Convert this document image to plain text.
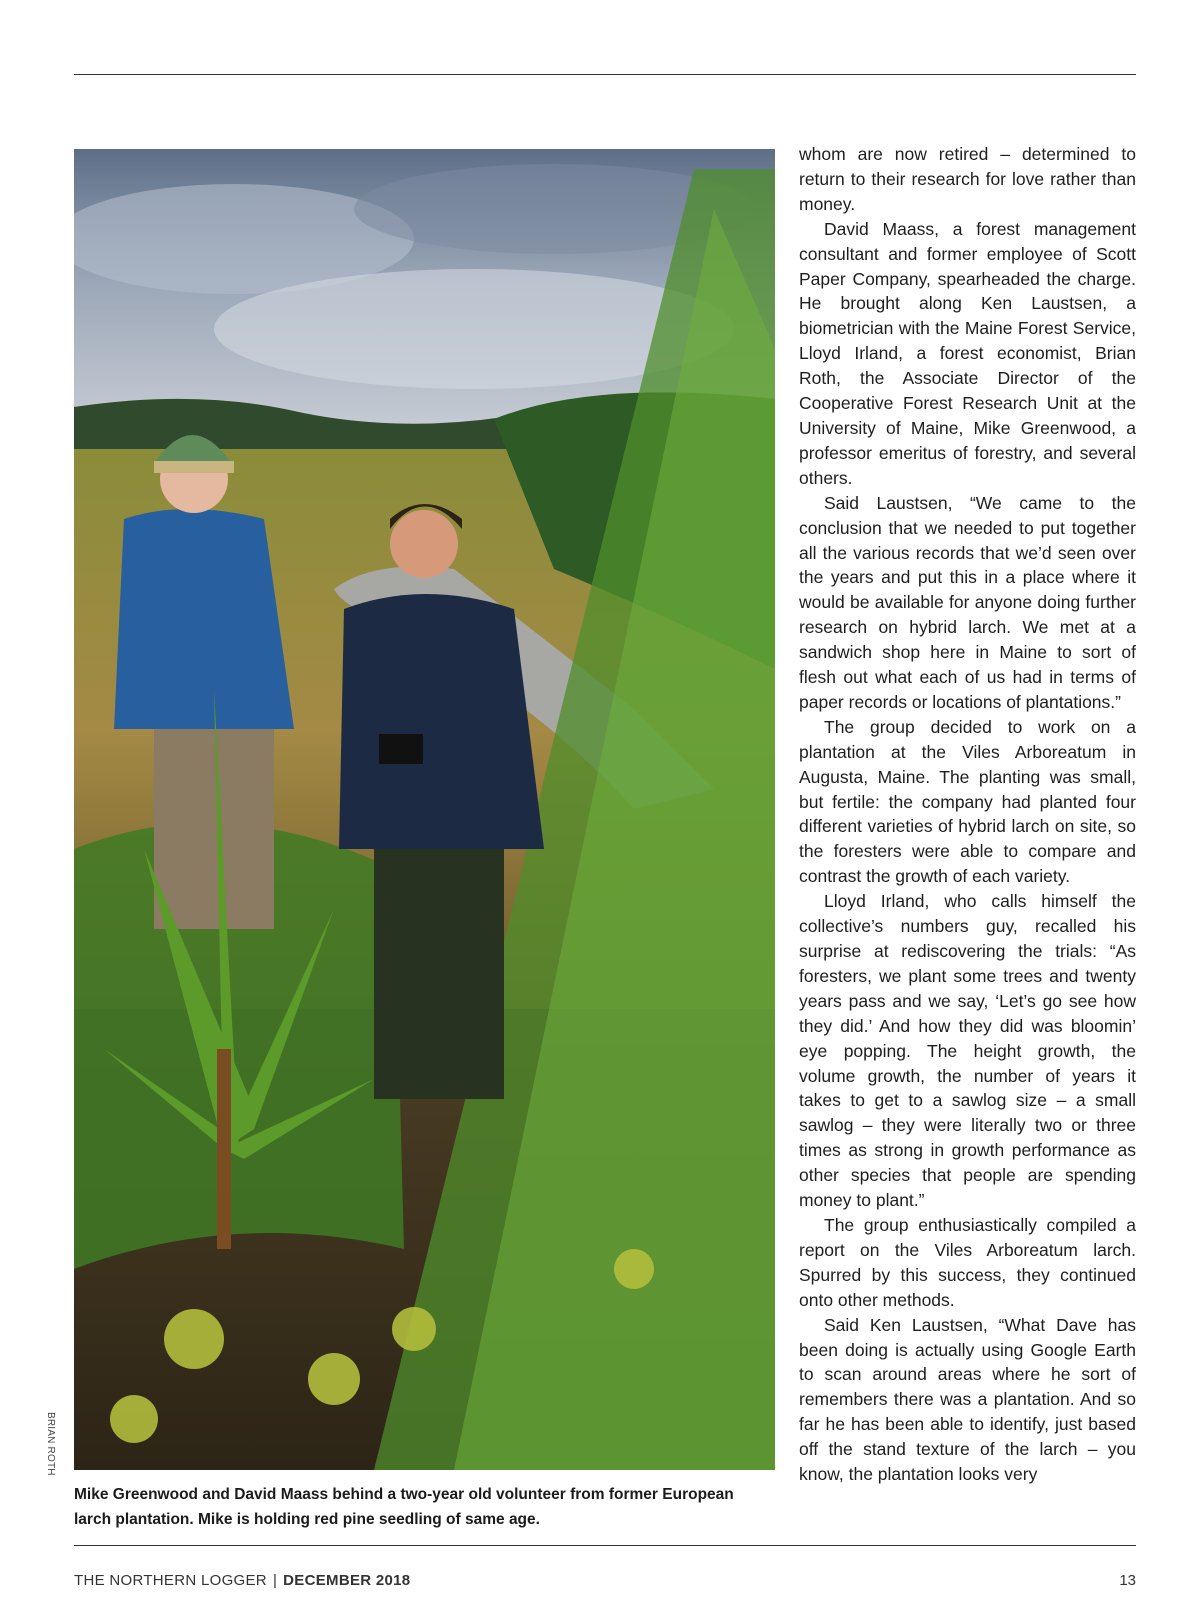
BRIAN ROTH
Mike Greenwood and David Maass behind a two-year old volunteer from former European larch plantation. Mike is holding red pine seedling of same age.

whom are now retired – determined to return to their research for love rather than money.

David Maass, a forest management consultant and former employee of Scott Paper Company, spearheaded the charge. He brought along Ken Laustsen, a biometrician with the Maine Forest Service, Lloyd Irland, a forest economist, Brian Roth, the Associate Director of the Cooperative Forest Research Unit at the University of Maine, Mike Greenwood, a professor emeritus of forestry, and several others.

Said Laustsen, “We came to the conclusion that we needed to put together all the various records that we’d seen over the years and put this in a place where it would be available for anyone doing further research on hybrid larch. We met at a sandwich shop here in Maine to sort of flesh out what each of us had in terms of paper records or locations of plantations.”

The group decided to work on a plantation at the Viles Arboreatum in Augusta, Maine. The planting was small, but fertile: the company had planted four different varieties of hybrid larch on site, so the foresters were able to compare and contrast the growth of each variety.

Lloyd Irland, who calls himself the collective’s numbers guy, recalled his surprise at rediscovering the trials: “As foresters, we plant some trees and twenty years pass and we say, ‘Let’s go see how they did.’ And how they did was bloomin’ eye popping. The height growth, the volume growth, the number of years it takes to get to a sawlog size – a small sawlog – they were literally two or three times as strong in growth performance as other species that people are spending money to plant.”

The group enthusiastically compiled a report on the Viles Arboreatum larch. Spurred by this success, they continued onto other methods.

Said Ken Laustsen, “What Dave has been doing is actually using Google Earth to scan around areas where he sort of remembers there was a plantation. And so far he has been able to identify, just based off the stand texture of the larch – you know, the plantation looks very

THE NORTHERN LOGGER | DECEMBER 2018	13
